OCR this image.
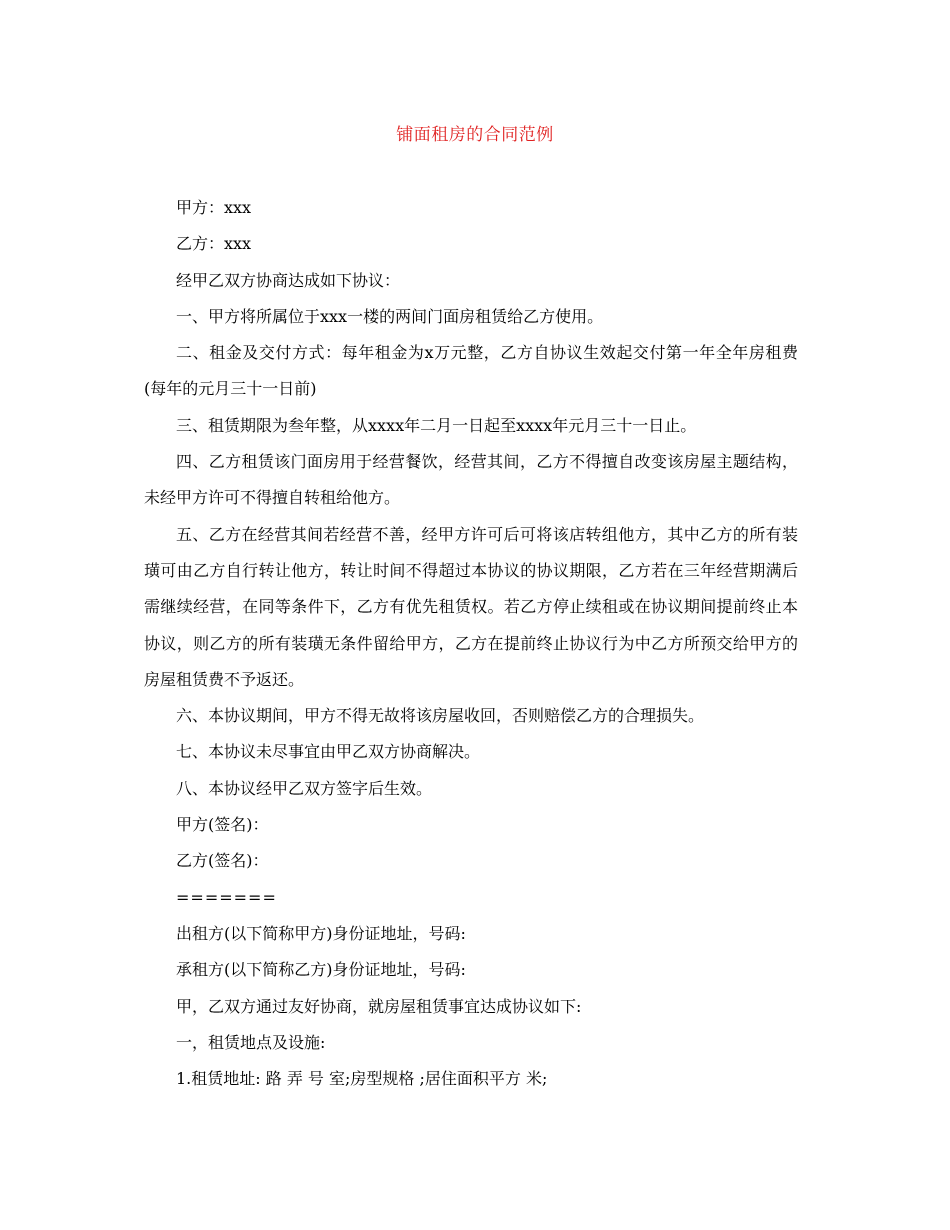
铺面租房的合同范例

甲方：xxx

乙方：xxx

经甲乙双方协商达成如下协议：

一、甲方将所属位于xxx一楼的两间门面房租赁给乙方使用。

二、租金及交付方式：每年租金为x万元整，乙方自协议生效起交付第一年全年房租费(每年的元月三十一日前)

三、租赁期限为叁年整，从xxxx年二月一日起至xxxx年元月三十一日止。

四、乙方租赁该门面房用于经营餐饮，经营其间，乙方不得擅自改变该房屋主题结构，未经甲方许可不得擅自转租给他方。

五、乙方在经营其间若经营不善，经甲方许可后可将该店转组他方，其中乙方的所有装璜可由乙方自行转让他方，转让时间不得超过本协议的协议期限，乙方若在三年经营期满后需继续经营，在同等条件下，乙方有优先租赁权。若乙方停止续租或在协议期间提前终止本协议，则乙方的所有装璜无条件留给甲方，乙方在提前终止协议行为中乙方所预交给甲方的房屋租赁费不予返还。

六、本协议期间，甲方不得无故将该房屋收回，否则赔偿乙方的合理损失。

七、本协议未尽事宜由甲乙双方协商解决。

八、本协议经甲乙双方签字后生效。

甲方(签名)：

乙方(签名)：

=======

出租方(以下简称甲方)身份证地址，号码:

承租方(以下简称乙方)身份证地址，号码:

甲，乙双方通过友好协商，就房屋租赁事宜达成协议如下:

一，租赁地点及设施:

1.租赁地址: 路 弄 号 室;房型规格 ;居住面积平方 米;
